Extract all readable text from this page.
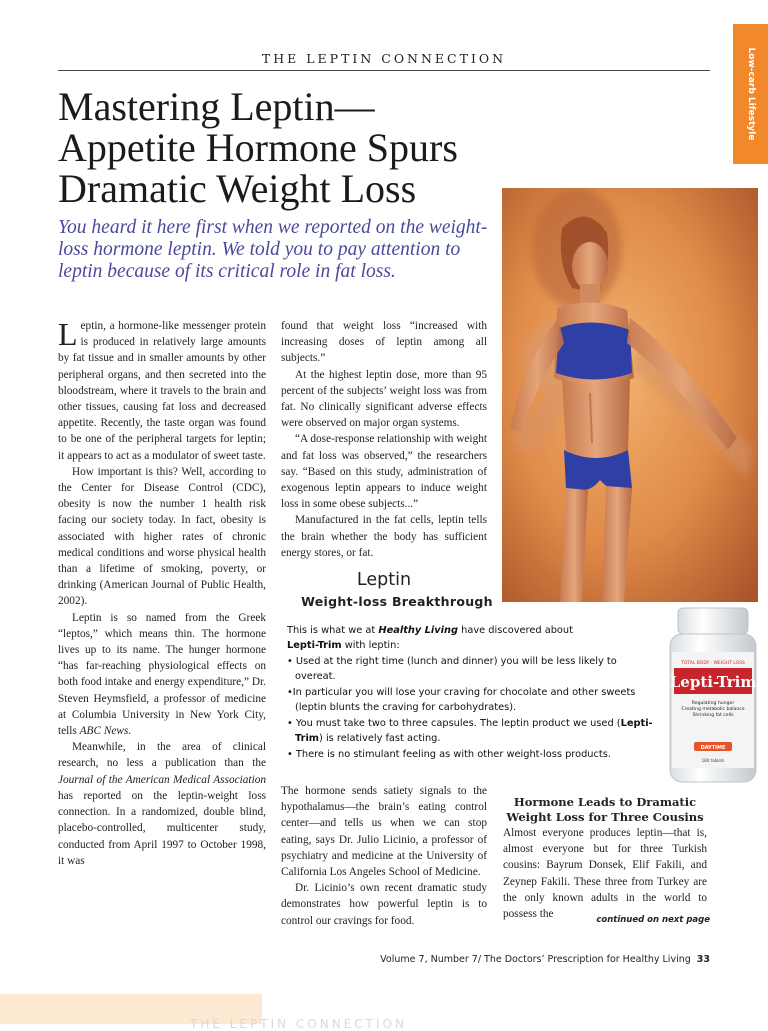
Low-carb Lifestyle
THE LEPTIN CONNECTION
Mastering Leptin—
Appetite Hormone Spurs
Dramatic Weight Loss

You heard it here first when we reported on the weight-loss hormone leptin. We told you to pay attention to leptin because of its critical role in fat loss.

Leptin, a hormone-like messenger protein is produced in relatively large amounts by fat tissue and in smaller amounts by other peripheral organs, and then secreted into the bloodstream, where it travels to the brain and other tissues, causing fat loss and decreased appetite. Recently, the taste organ was found to be one of the peripheral targets for leptin; it appears to act as a modulator of sweet taste.

How important is this? Well, according to the Center for Disease Control (CDC), obesity is now the number 1 health risk facing our society today. In fact, obesity is associated with higher rates of chronic medical conditions and worse physical health than a lifetime of smoking, poverty, or drinking (American Journal of Public Health, 2002).

Leptin is so named from the Greek “leptos,” which means thin. The hormone lives up to its name. The hunger hormone “has far-reaching physiological effects on both food intake and energy expenditure,” Dr. Steven Heymsfield, a professor of medicine at Columbia University in New York City, tells ABC News.

Meanwhile, in the area of clinical research, no less a publication than the Journal of the American Medical Association has reported on the leptin-weight loss connection. In a randomized, double blind, placebo-controlled, multicenter study, conducted from April 1997 to October 1998, it was

found that weight loss “increased with increasing doses of leptin among all subjects.”

At the highest leptin dose, more than 95 percent of the subjects’ weight loss was from fat. No clinically significant adverse effects were observed on major organ systems.

“A dose-response relationship with weight and fat loss was observed,” the researchers say. “Based on this study, administration of exogenous leptin appears to induce weight loss in some obese subjects...”

Manufactured in the fat cells, leptin tells the brain whether the body has sufficient energy stores, or fat.

Leptin
Weight-loss Breakthrough

This is what we at Healthy Living have discovered about
Lepti-Trim with leptin:

• Used at the right time (lunch and dinner) you will be less likely to overeat.
•In particular you will lose your craving for chocolate and other sweets (leptin blunts the craving for carbohydrates).
• You must take two to three capsules. The leptin product we used (Lepti-Trim) is relatively fast acting.
• There is no stimulant feeling as with other weight-loss products.
TOTAL BODY · WEIGHT LOSS
Lepti-Trim
Regulating hunger
Creating metabolic balance
Shrinking fat cells
DAYTIME
180 tablets

The hormone sends satiety signals to the hypothalamus—the brain’s eating control center—and tells us when we can stop eating, says Dr. Julio Licinio, a professor of psychiatry and medicine at the University of California Los Angeles School of Medicine.

Dr. Licinio’s own recent dramatic study demonstrates how powerful leptin is to control our cravings for food.

Hormone Leads to Dramatic Weight Loss for Three Cousins

Almost everyone produces leptin—that is, almost everyone but for three Turkish cousins: Bayrum Donsek, Elif Fakili, and Zeynep Fakili. These three from Turkey are the only known adults in the world to possess the	continued on next page
Volume 7, Number 7/ The Doctors’ Prescription for Healthy Living 33
THE LEPTIN CONNECTION
